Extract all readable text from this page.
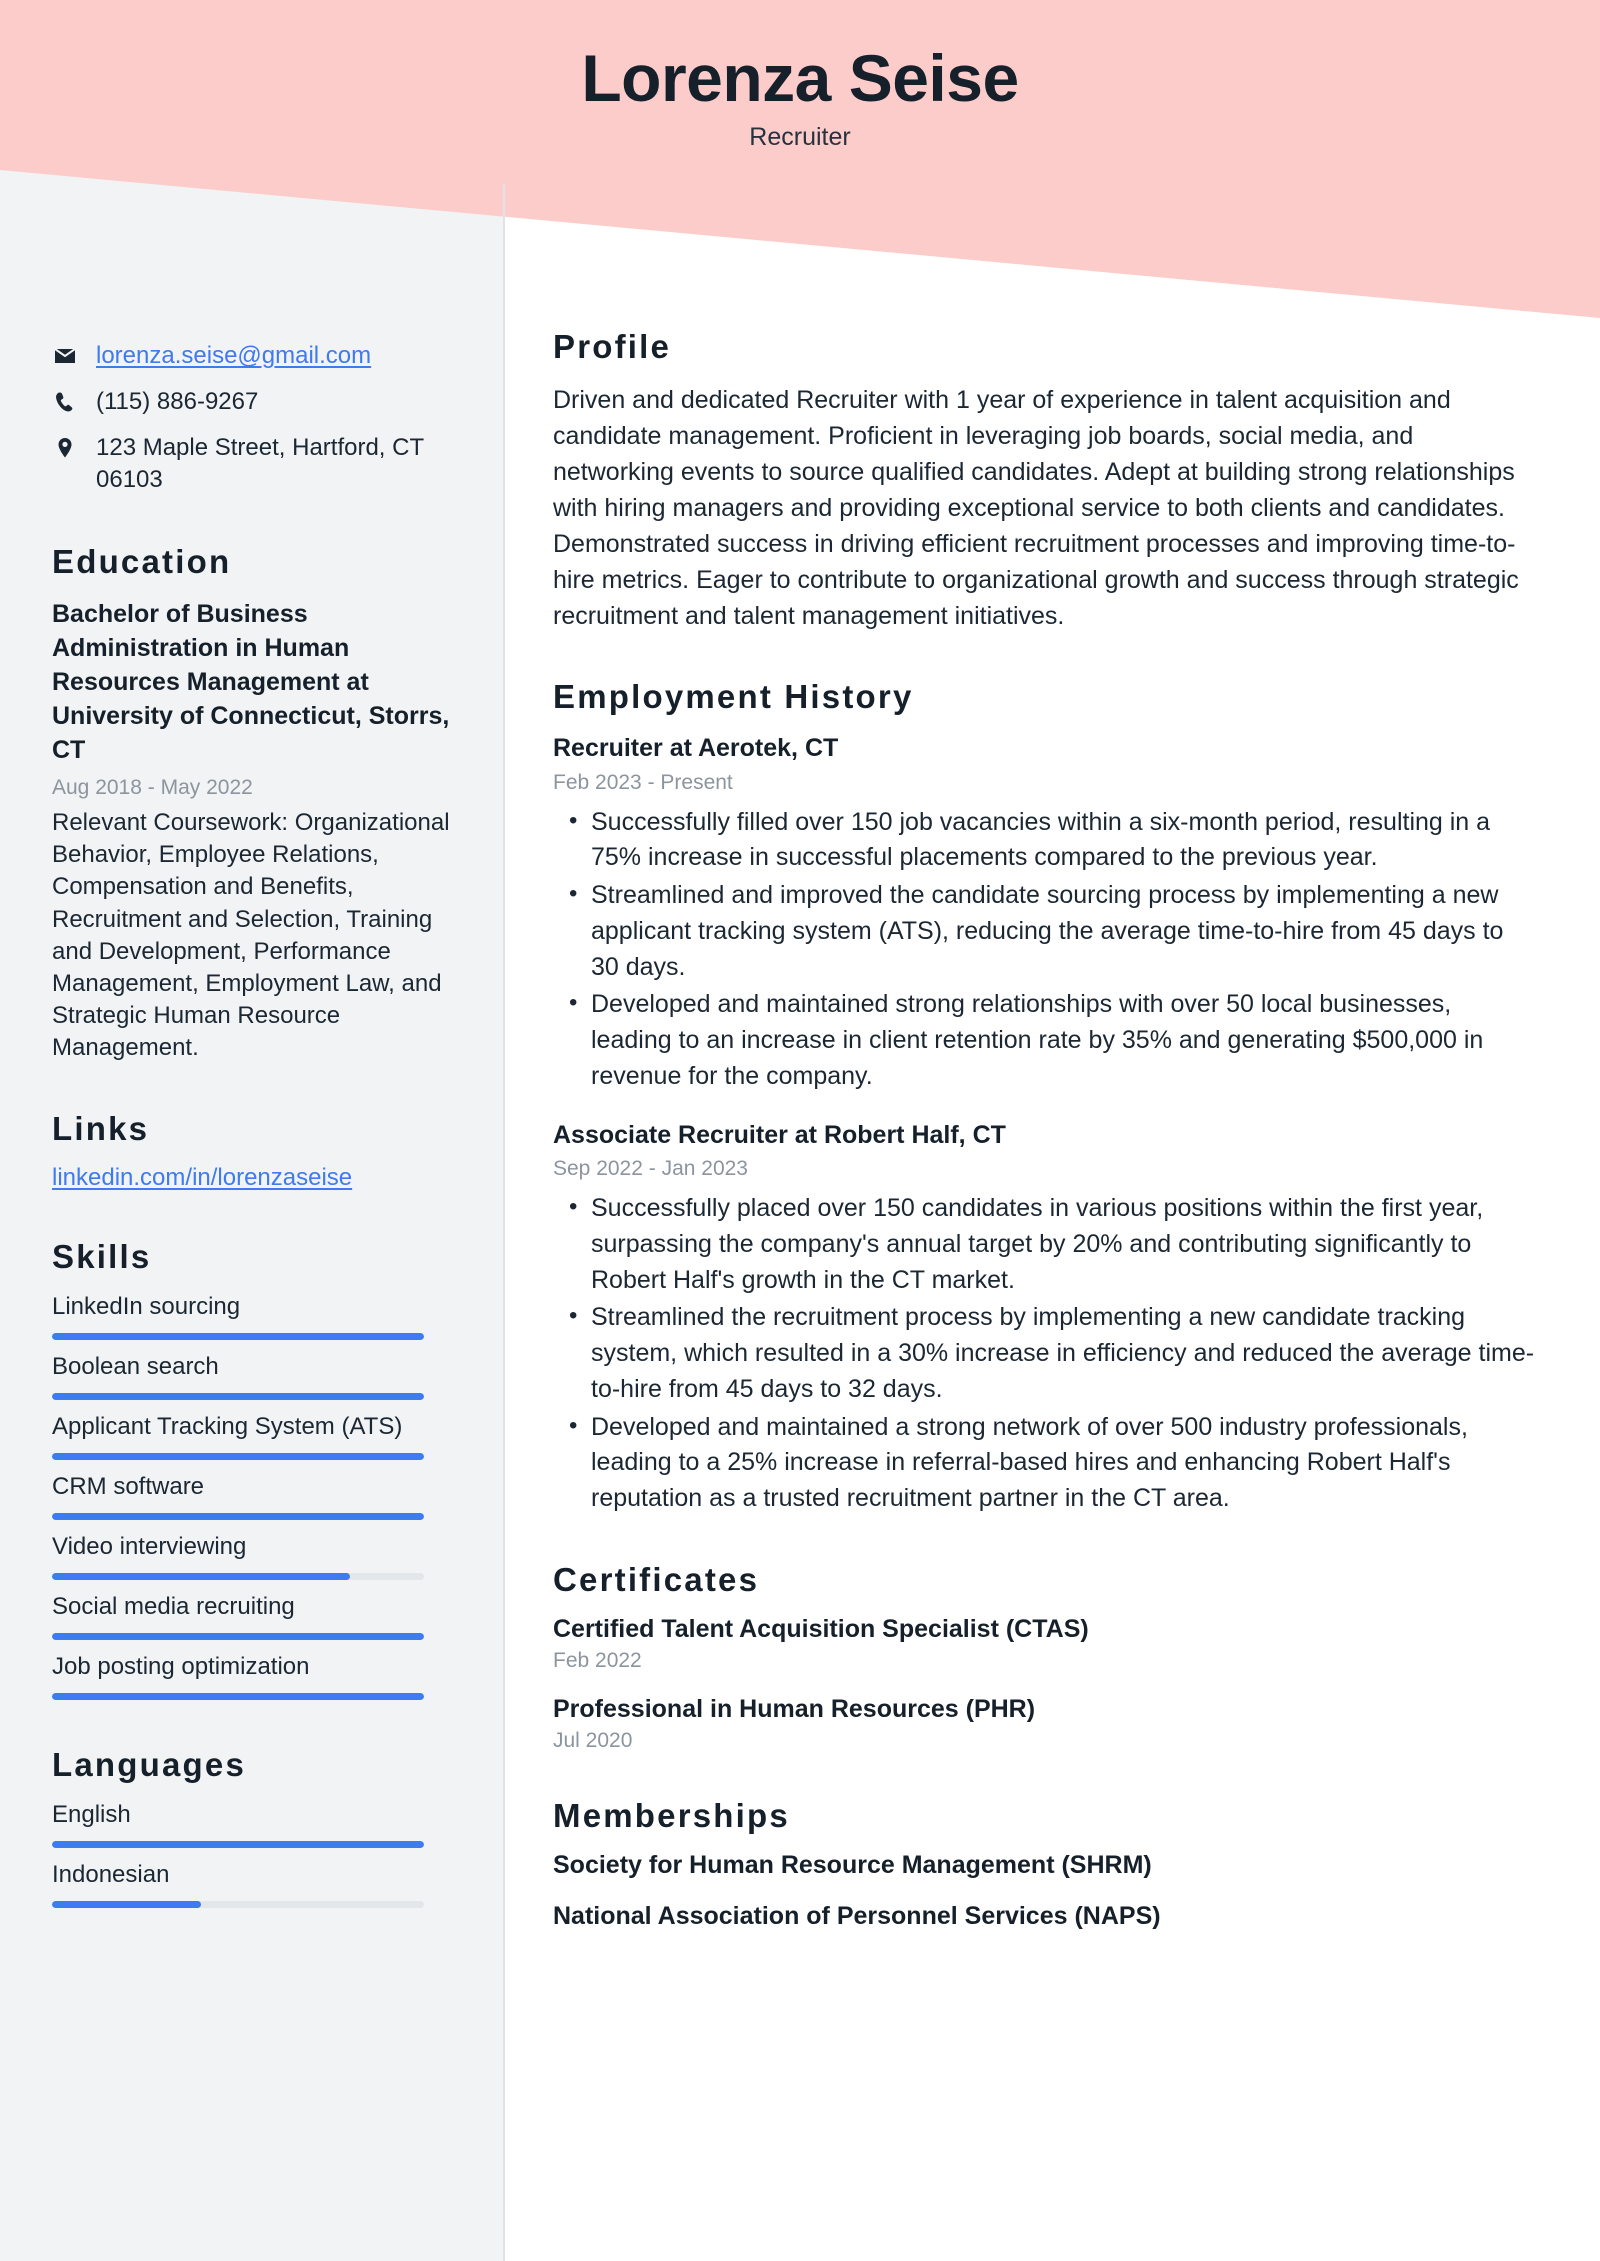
Lorenza Seise
Recruiter
lorenza.seise@gmail.com
(115) 886-9267
123 Maple Street, Hartford, CT 06103
Education
Bachelor of Business Administration in Human Resources Management at University of Connecticut, Storrs, CT
Aug 2018 - May 2022
Relevant Coursework: Organizational Behavior, Employee Relations, Compensation and Benefits, Recruitment and Selection, Training and Development, Performance Management, Employment Law, and Strategic Human Resource Management.
Links
linkedin.com/in/lorenzaseise
Skills
LinkedIn sourcing
Boolean search
Applicant Tracking System (ATS)
CRM software
Video interviewing
Social media recruiting
Job posting optimization
Languages
English
Indonesian
Profile
Driven and dedicated Recruiter with 1 year of experience in talent acquisition and candidate management. Proficient in leveraging job boards, social media, and networking events to source qualified candidates. Adept at building strong relationships with hiring managers and providing exceptional service to both clients and candidates. Demonstrated success in driving efficient recruitment processes and improving time-to-hire metrics. Eager to contribute to organizational growth and success through strategic recruitment and talent management initiatives.
Employment History
Recruiter at Aerotek, CT
Feb 2023 - Present
• Successfully filled over 150 job vacancies within a six-month period, resulting in a 75% increase in successful placements compared to the previous year.
• Streamlined and improved the candidate sourcing process by implementing a new applicant tracking system (ATS), reducing the average time-to-hire from 45 days to 30 days.
• Developed and maintained strong relationships with over 50 local businesses, leading to an increase in client retention rate by 35% and generating $500,000 in revenue for the company.
Associate Recruiter at Robert Half, CT
Sep 2022 - Jan 2023
• Successfully placed over 150 candidates in various positions within the first year, surpassing the company's annual target by 20% and contributing significantly to Robert Half's growth in the CT market.
• Streamlined the recruitment process by implementing a new candidate tracking system, which resulted in a 30% increase in efficiency and reduced the average time-to-hire from 45 days to 32 days.
• Developed and maintained a strong network of over 500 industry professionals, leading to a 25% increase in referral-based hires and enhancing Robert Half's reputation as a trusted recruitment partner in the CT area.
Certificates
Certified Talent Acquisition Specialist (CTAS)
Feb 2022
Professional in Human Resources (PHR)
Jul 2020
Memberships
Society for Human Resource Management (SHRM)
National Association of Personnel Services (NAPS)
